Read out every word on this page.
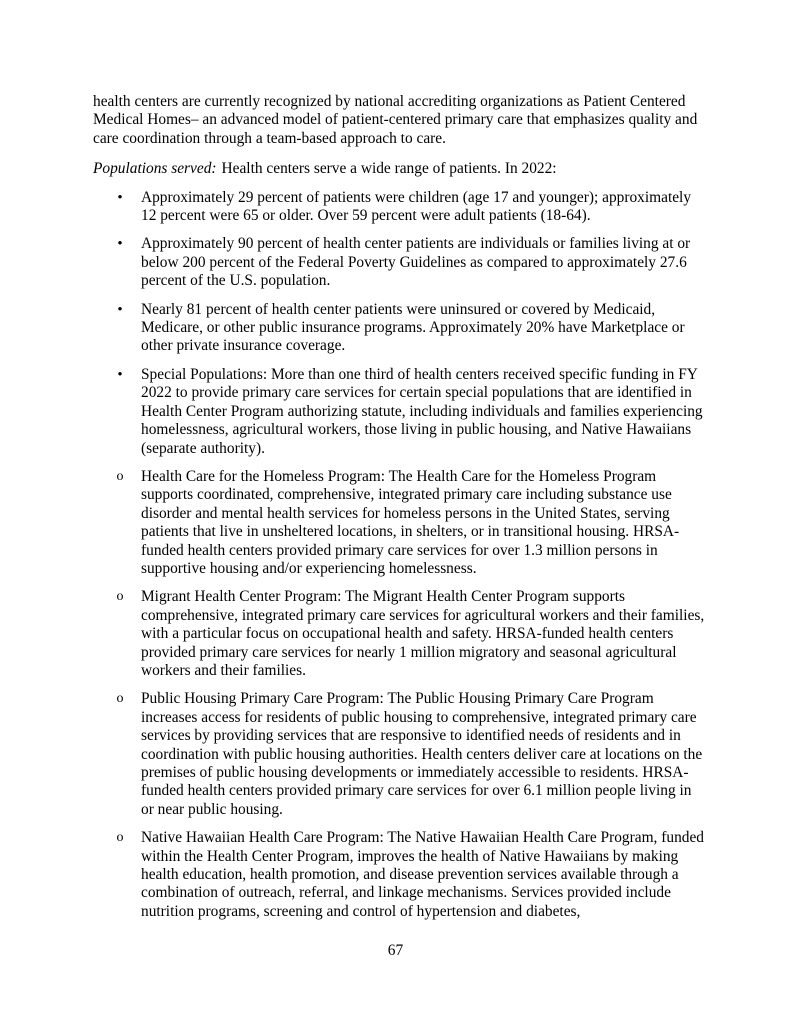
health centers are currently recognized by national accrediting organizations as Patient Centered Medical Homes– an advanced model of patient-centered primary care that emphasizes quality and care coordination through a team-based approach to care.

Populations served: Health centers serve a wide range of patients. In 2022:

• Approximately 29 percent of patients were children (age 17 and younger); approximately 12 percent were 65 or older. Over 59 percent were adult patients (18-64).
• Approximately 90 percent of health center patients are individuals or families living at or below 200 percent of the Federal Poverty Guidelines as compared to approximately 27.6 percent of the U.S. population.
• Nearly 81 percent of health center patients were uninsured or covered by Medicaid, Medicare, or other public insurance programs. Approximately 20% have Marketplace or other private insurance coverage.
• Special Populations: More than one third of health centers received specific funding in FY 2022 to provide primary care services for certain special populations that are identified in Health Center Program authorizing statute, including individuals and families experiencing homelessness, agricultural workers, those living in public housing, and Native Hawaiians (separate authority).
o Health Care for the Homeless Program: The Health Care for the Homeless Program supports coordinated, comprehensive, integrated primary care including substance use disorder and mental health services for homeless persons in the United States, serving patients that live in unsheltered locations, in shelters, or in transitional housing. HRSA-funded health centers provided primary care services for over 1.3 million persons in supportive housing and/or experiencing homelessness.
o Migrant Health Center Program: The Migrant Health Center Program supports comprehensive, integrated primary care services for agricultural workers and their families, with a particular focus on occupational health and safety. HRSA-funded health centers provided primary care services for nearly 1 million migratory and seasonal agricultural workers and their families.
o Public Housing Primary Care Program: The Public Housing Primary Care Program increases access for residents of public housing to comprehensive, integrated primary care services by providing services that are responsive to identified needs of residents and in coordination with public housing authorities. Health centers deliver care at locations on the premises of public housing developments or immediately accessible to residents. HRSA-funded health centers provided primary care services for over 6.1 million people living in or near public housing.
o Native Hawaiian Health Care Program: The Native Hawaiian Health Care Program, funded within the Health Center Program, improves the health of Native Hawaiians by making health education, health promotion, and disease prevention services available through a combination of outreach, referral, and linkage mechanisms. Services provided include nutrition programs, screening and control of hypertension and diabetes,
67
